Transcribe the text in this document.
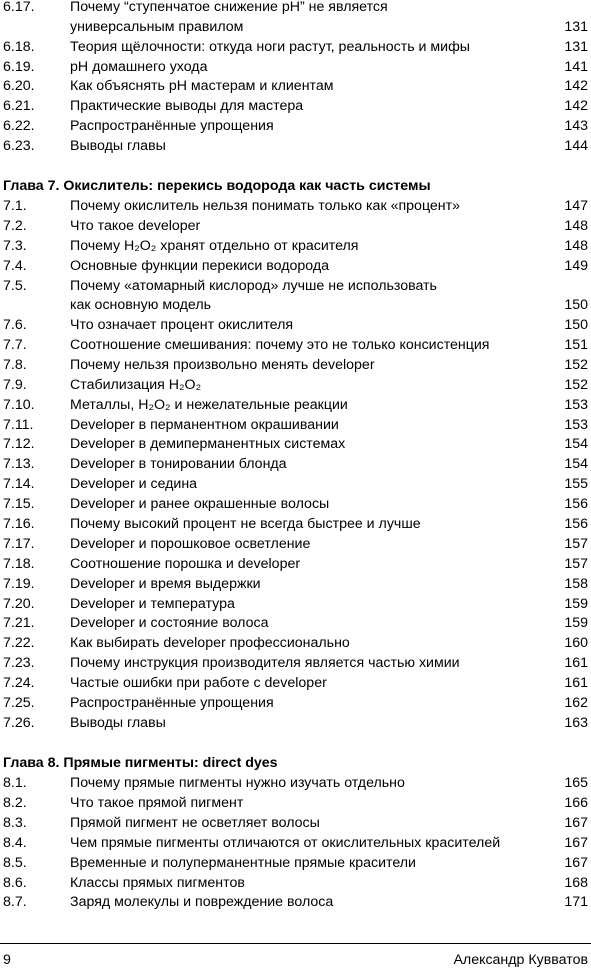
6.17. Почему “ступенчатое снижение pH” не является
универсальным правилом	131
6.18. Теория щёлочности: откуда ноги растут, реальность и мифы	131
6.19. pH домашнего ухода	141
6.20. Как объяснять pH мастерам и клиентам	142
6.21. Практические выводы для мастера	142
6.22. Распространённые упрощения	143
6.23. Выводы главы	144
Глава 7. Окислитель: перекись водорода как часть системы
7.1.	Почему окислитель нельзя понимать только как «процент»	147
7.2.	Что такое developer	148
7.3.	Почему H₂O₂ хранят отдельно от красителя	148
7.4.	Основные функции перекиси водорода	149
7.5.	Почему «атомарный кислород» лучше не использовать
как основную модель	150
7.6.	Что означает процент окислителя	150
7.7.	Соотношение смешивания: почему это не только консистенция	151
7.8.	Почему нельзя произвольно менять developer	152
7.9.	Стабилизация H₂O₂	152
7.10. Металлы, H₂O₂ и нежелательные реакции	153
7.11.	Developer в перманентном окрашивании	153
7.12. Developer в демиперманентных системах	154
7.13. Developer в тонировании блонда	154
7.14. Developer и седина	155
7.15. Developer и ранее окрашенные волосы	156
7.16. Почему высокий процент не всегда быстрее и лучше	156
7.17. Developer и порошковое осветление	157
7.18. Соотношение порошка и developer	157
7.19. Developer и время выдержки	158
7.20. Developer и температура	159
7.21. Developer и состояние волоса	159
7.22. Как выбирать developer профессионально	160
7.23. Почему инструкция производителя является частью химии	161
7.24. Частые ошибки при работе с developer	161
7.25. Распространённые упрощения	162
7.26. Выводы главы	163
Глава 8. Прямые пигменты: direct dyes
8.1.	Почему прямые пигменты нужно изучать отдельно	165
8.2.	Что такое прямой пигмент	166
8.3.	Прямой пигмент не осветляет волосы	167
8.4.	Чем прямые пигменты отличаются от окислительных красителей	167
8.5.	Временные и полуперманентные прямые красители	167
8.6.	Классы прямых пигментов	168
8.7.	Заряд молекулы и повреждение волоса	171
9	Александр Кувватов
